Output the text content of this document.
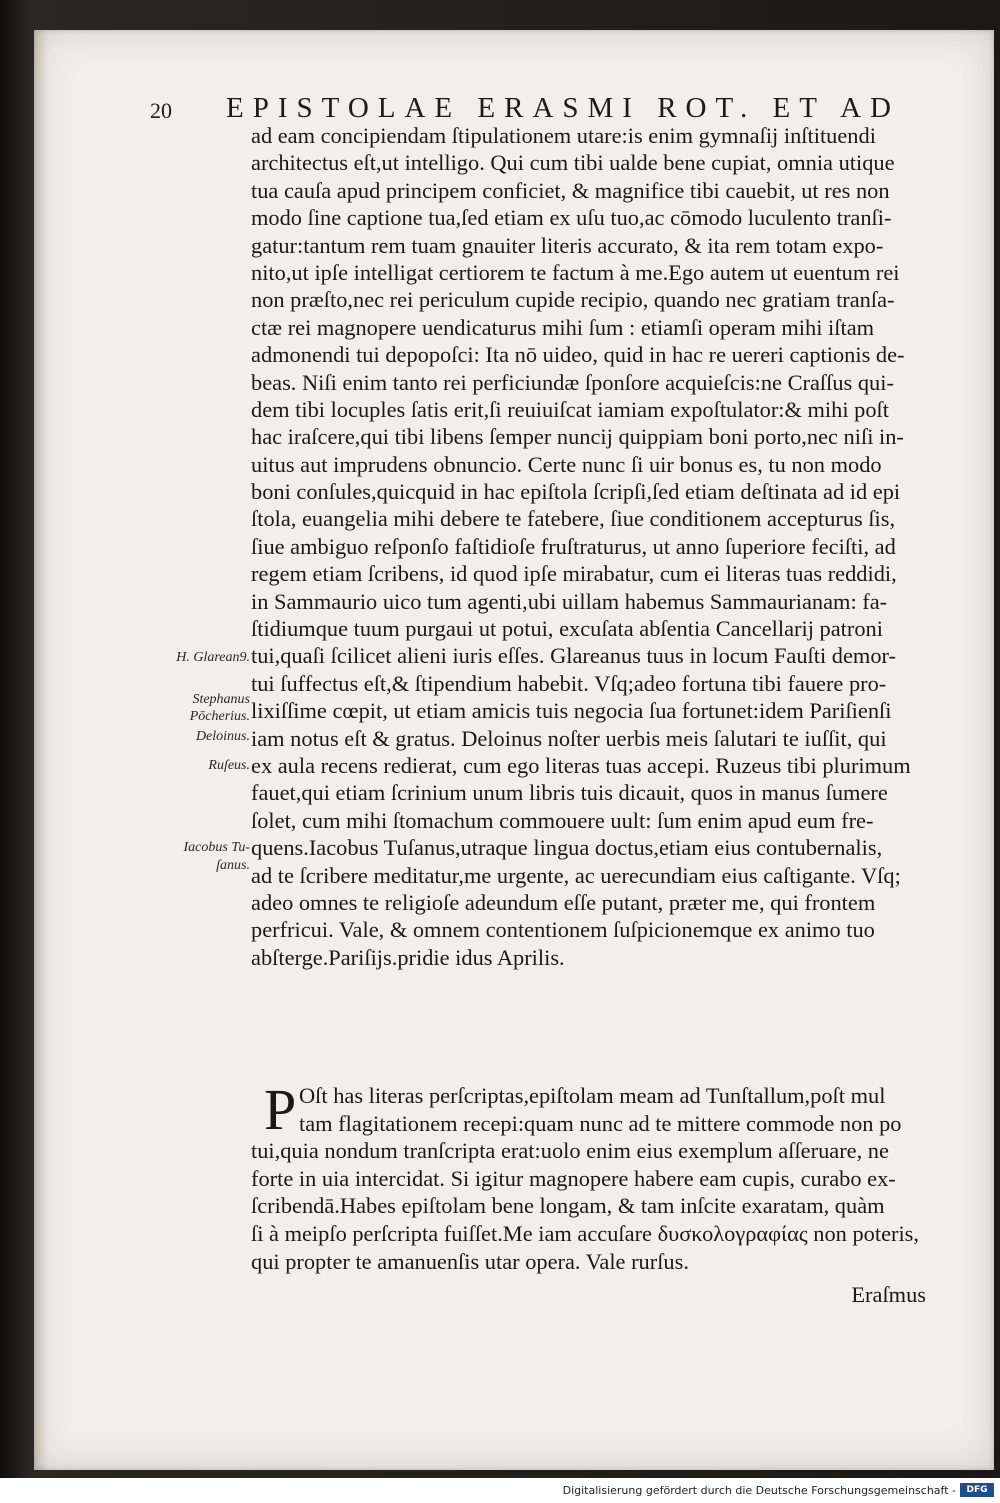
20 EPISTOLAE ERASMI ROT. ET AD
ad eam concipiendam ſtipulationem utare:is enim gymnaſij inſtituendi
architectus eſt,ut intelligo. Qui cum tibi ualde bene cupiat, omnia utique
tua cauſa apud principem conficiet, & magnifice tibi cauebit, ut res non
modo ſine captione tua,ſed etiam ex uſu tuo,ac cōmodo luculento tranſi-
gatur:tantum rem tuam gnauiter literis accurato, & ita rem totam expo-
nito,ut ipſe intelligat certiorem te factum à me.Ego autem ut euentum rei
non præſto,nec rei periculum cupide recipio, quando nec gratiam tranſa-
ctæ rei magnopere uendicaturus mihi ſum : etiamſi operam mihi iſtam
admonendi tui depopoſci: Ita nō uideo, quid in hac re uereri captionis de-
beas. Niſi enim tanto rei perficiundæ ſponſore acquieſcis:ne Craſſus qui-
dem tibi locuples ſatis erit,ſi reuiuiſcat iamiam expoſtulator:& mihi poſt
hac iraſcere,qui tibi libens ſemper nuncij quippiam boni porto,nec niſi in-
uitus aut imprudens obnuncio. Certe nunc ſi uir bonus es, tu non modo
boni conſules,quicquid in hac epiſtola ſcripſi,ſed etiam deſtinata ad id epi
ſtola, euangelia mihi debere te fatebere, ſiue conditionem accepturus ſis,
ſiue ambiguo reſponſo faſtidioſe fruſtraturus, ut anno ſuperiore feciſti, ad
regem etiam ſcribens, id quod ipſe mirabatur, cum ei literas tuas reddidi,
in Sammaurio uico tum agenti,ubi uillam habemus Sammaurianam: fa-
ſtidiumque tuum purgaui ut potui, excuſata abſentia Cancellarij patroni
tui,quaſi ſcilicet alieni iuris eſſes. Glareanus tuus in locum Fauſti demor-
tui ſuffectus eſt,& ſtipendium habebit. Vſq;adeo fortuna tibi fauere pro-
lixiſſime cœpit, ut etiam amicis tuis negocia ſua fortunet:idem Pariſienſi
iam notus eſt & gratus. Deloinus noſter uerbis meis ſalutari te iuſſit, qui
ex aula recens redierat, cum ego literas tuas accepi. Ruzeus tibi plurimum
fauet,qui etiam ſcrinium unum libris tuis dicauit, quos in manus ſumere
ſolet, cum mihi ſtomachum commouere uult: ſum enim apud eum fre-
quens.Iacobus Tuſanus,utraque lingua doctus,etiam eius contubernalis,
ad te ſcribere meditatur,me urgente, ac uerecundiam eius caſtigante. Vſq;
adeo omnes te religioſe adeundum eſſe putant, præter me, qui frontem
perfricui. Vale, & omnem contentionem ſuſpicionemque ex animo tuo
abſterge.Pariſijs.pridie idus Aprilis.
H. Glarean9.
Stephanus
Pōcherius.
Deloinus.
Ruſeus.
Iacobus Tu-
ſanus.
P Oſt has literas perſcriptas,epiſtolam meam ad Tunſtallum,poſt mul
tam flagitationem recepi:quam nunc ad te mittere commode non po
tui,quia nondum tranſcripta erat:uolo enim eius exemplum aſſeruare, ne
forte in uia intercidat. Si igitur magnopere habere eam cupis, curabo ex-
ſcribendā.Habes epiſtolam bene longam, & tam inſcite exaratam, quàm
ſi à meipſo perſcripta fuiſſet.Me iam accuſare δυσκολογραφίας non poteris,
qui propter te amanuenſis utar opera. Vale rurſus.
Eraſmus
Digitalisierung gefördert durch die Deutsche Forschungsgemeinschaft -	DFG
